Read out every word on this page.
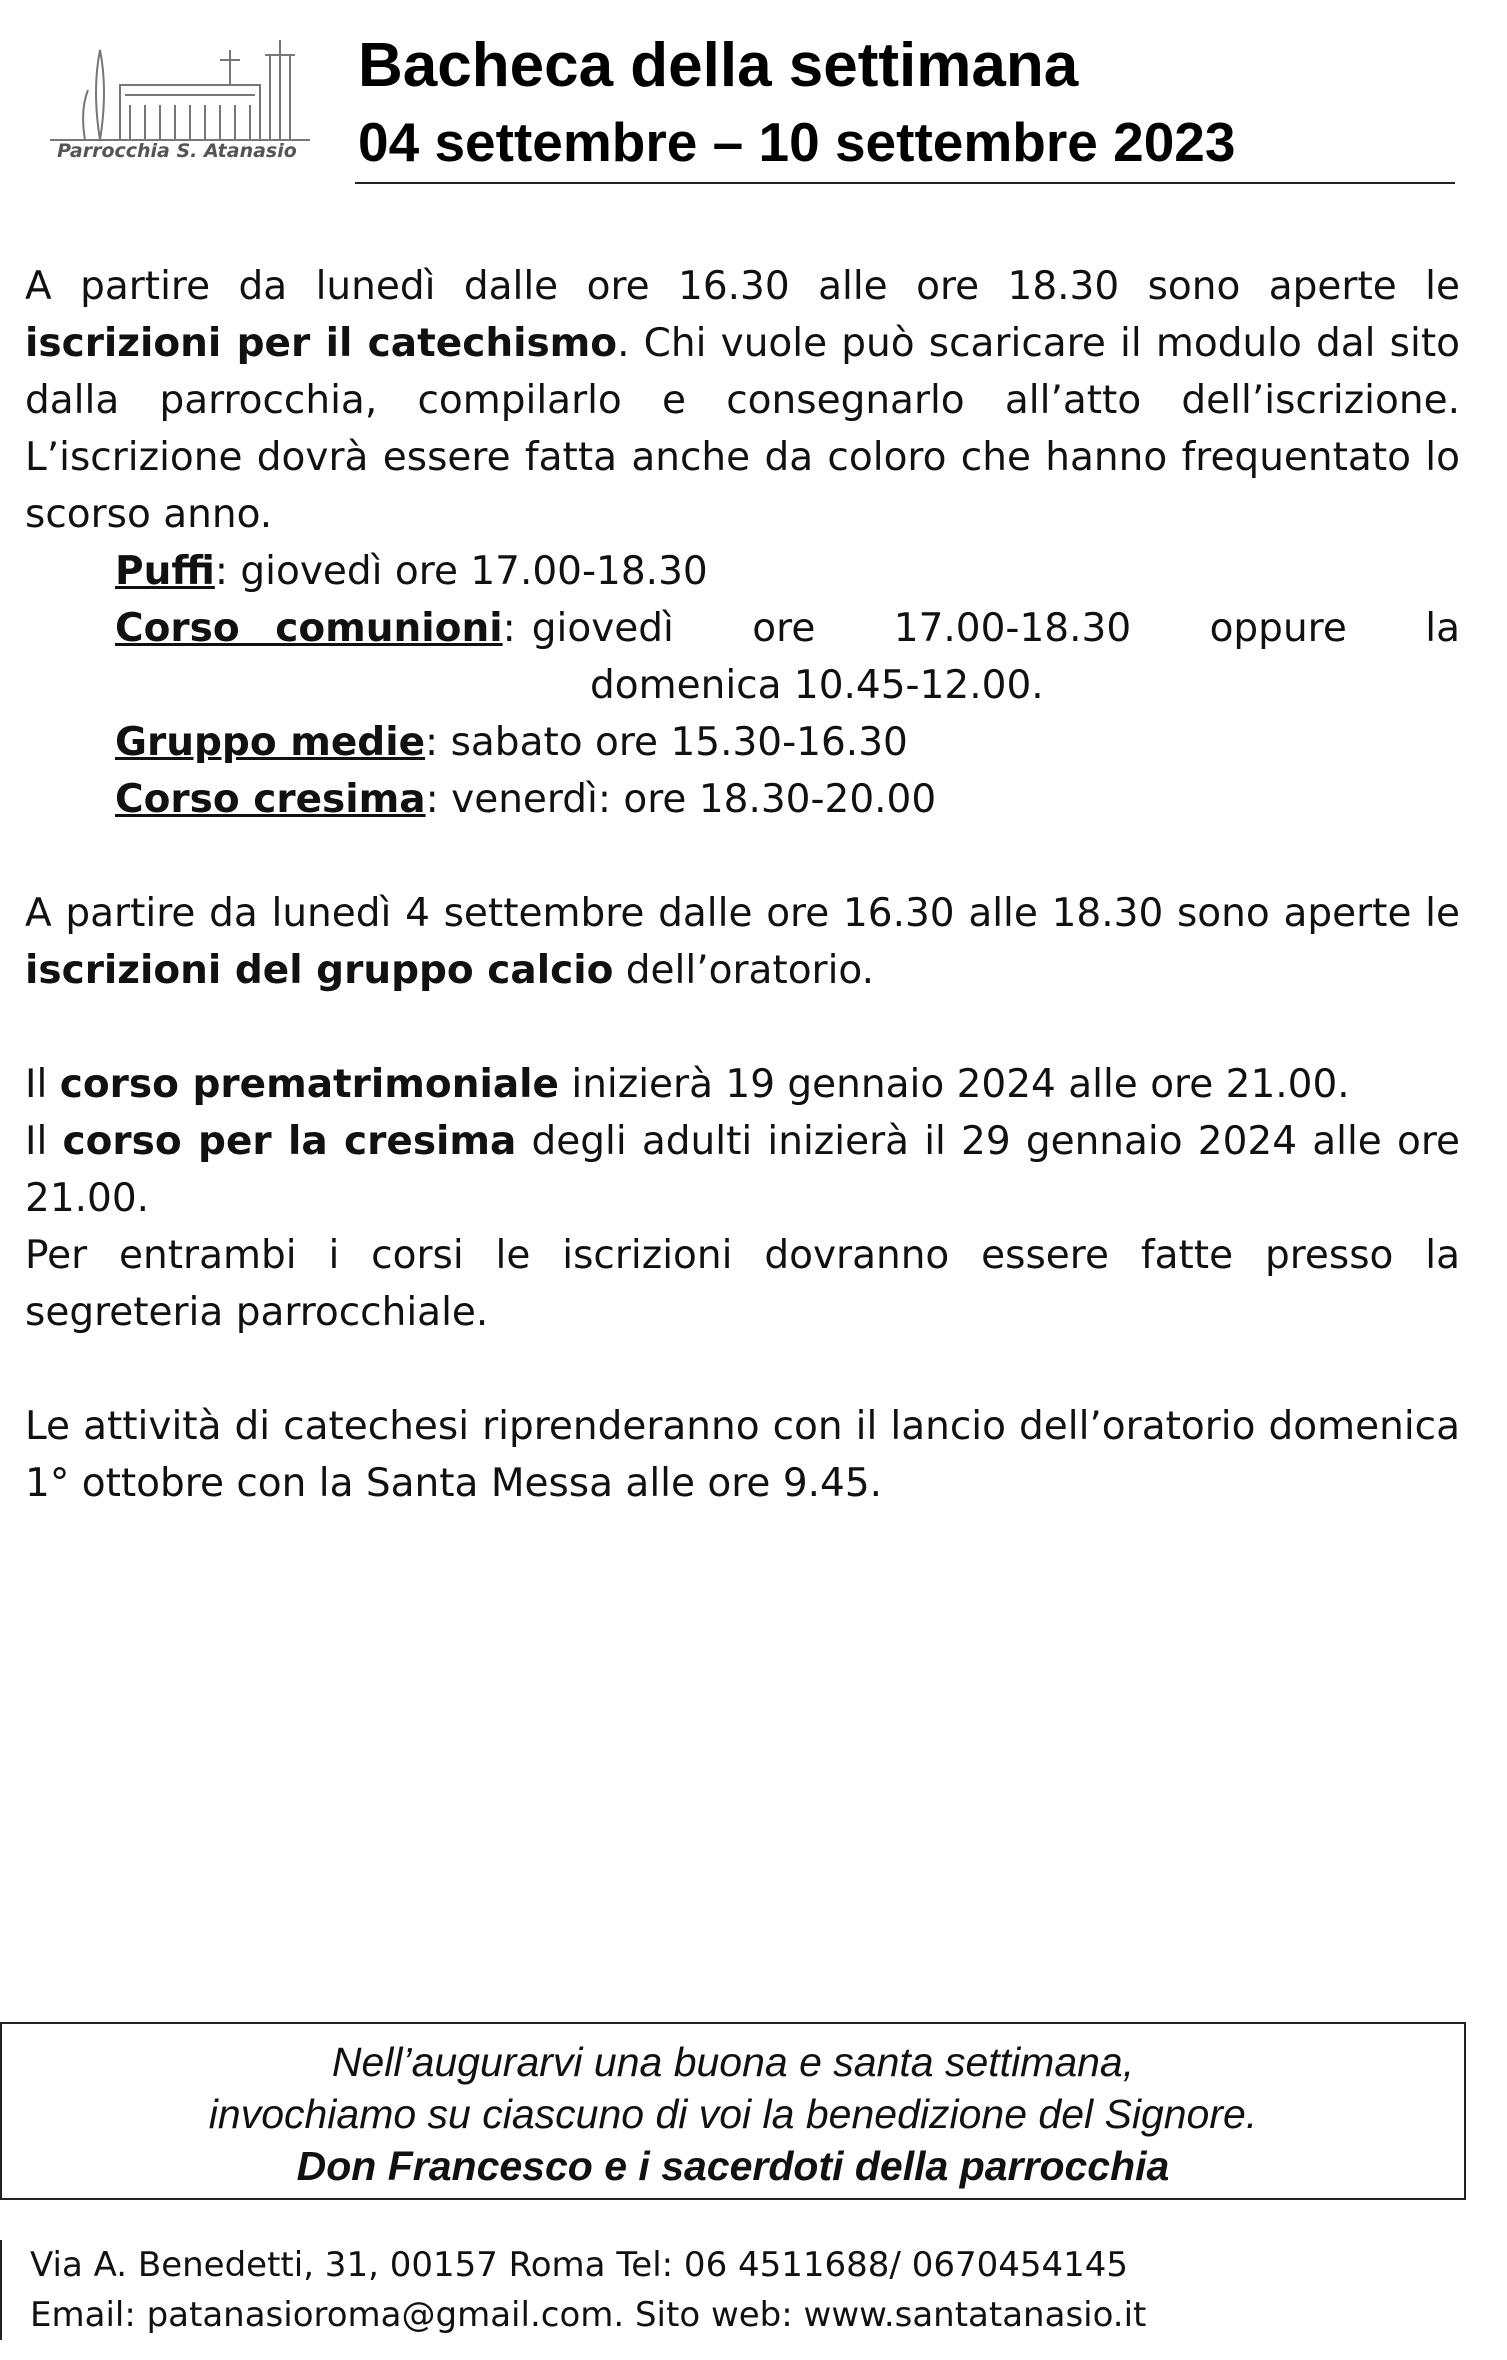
Parrocchia S. Atanasio
Bacheca della settimana
04 settembre – 10 settembre 2023

A partire da lunedì dalle ore 16.30 alle ore 18.30 sono aperte le iscrizioni per il catechismo. Chi vuole può scaricare il modulo dal sito dalla parrocchia, compilarlo e consegnarlo all’atto dell’iscrizione. L’iscrizione dovrà essere fatta anche da coloro che hanno frequentato lo scorso anno.

Puffi: giovedì ore 17.00-18.30
Corso comunioni: giovedì ore 17.00-18.30 oppure la
domenica 10.45-12.00.
Gruppo medie: sabato ore 15.30-16.30
Corso cresima: venerdì: ore 18.30-20.00

A partire da lunedì 4 settembre dalle ore 16.30 alle 18.30 sono aperte le iscrizioni del gruppo calcio dell’oratorio.

Il corso prematrimoniale inizierà 19 gennaio 2024 alle ore 21.00.

Il corso per la cresima degli adulti inizierà il 29 gennaio 2024 alle ore 21.00.

Per entrambi i corsi le iscrizioni dovranno essere fatte presso la segreteria parrocchiale.

Le attività di catechesi riprenderanno con il lancio dell’oratorio domenica 1° ottobre con la Santa Messa alle ore 9.45.

Nell’augurarvi una buona e santa settimana,

invochiamo su ciascuno di voi la benedizione del Signore.

Don Francesco e i sacerdoti della parrocchia

Via A. Benedetti, 31, 00157 Roma Tel: 06 4511688/ 0670454145
Email: patanasioroma@gmail.com. Sito web: www.santatanasio.it
